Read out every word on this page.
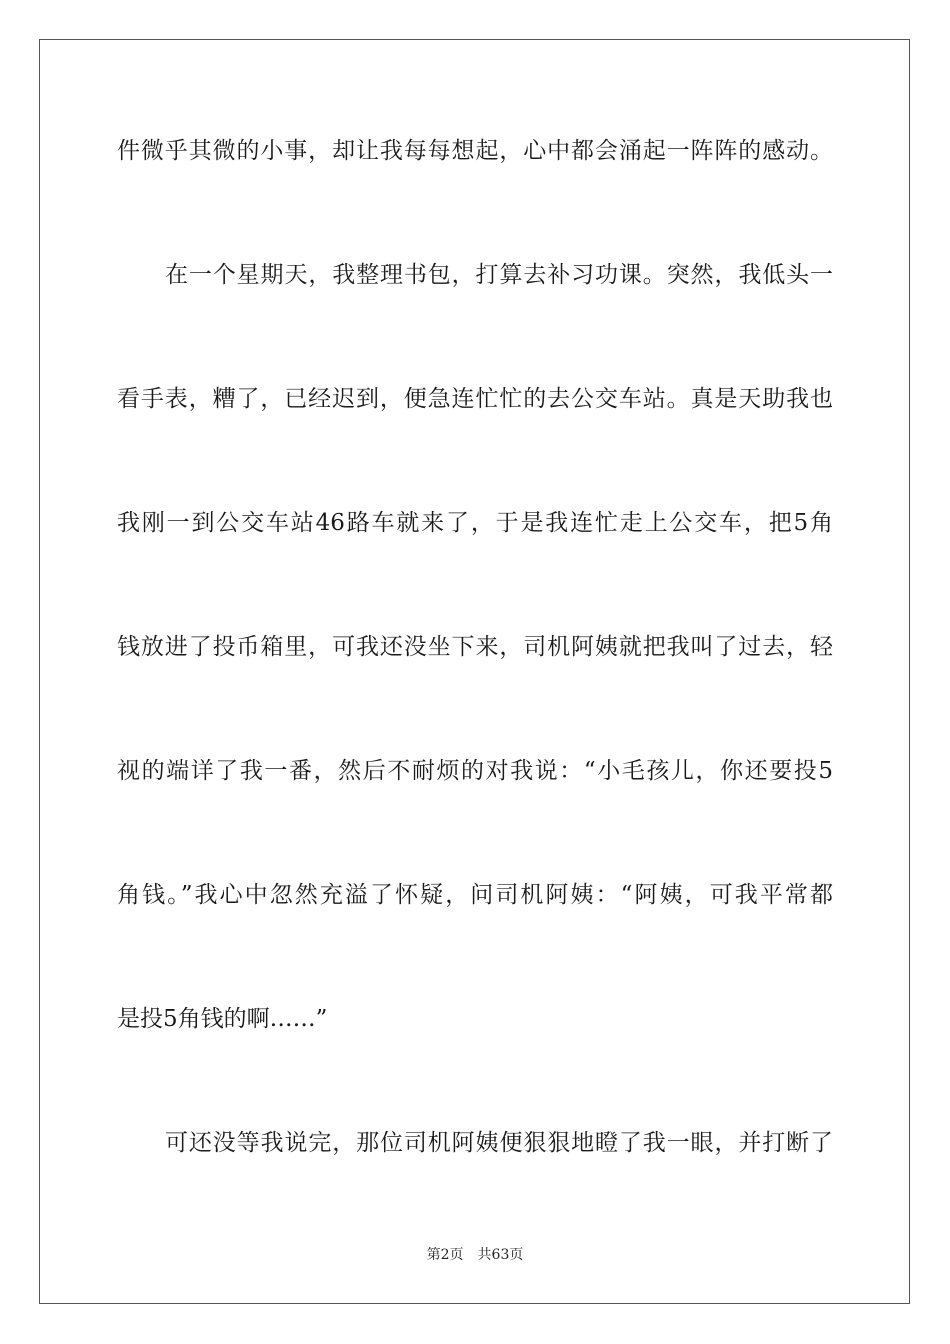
件微乎其微的小事，却让我每每想起，心中都会涌起一阵阵的感动。
在一个星期天，我整理书包，打算去补习功课。突然，我低头一
看手表，糟了，已经迟到，便急连忙忙的去公交车站。真是天助我也
我刚一到公交车站46路车就来了，于是我连忙走上公交车，把5角
钱放进了投币箱里，可我还没坐下来，司机阿姨就把我叫了过去，轻
视的端详了我一番，然后不耐烦的对我说：“小毛孩儿，你还要投5
角钱。”我心中忽然充溢了怀疑，问司机阿姨：“阿姨，可我平常都
是投5角钱的啊……”
可还没等我说完，那位司机阿姨便狠狠地瞪了我一眼，并打断了
第2页 共63页
